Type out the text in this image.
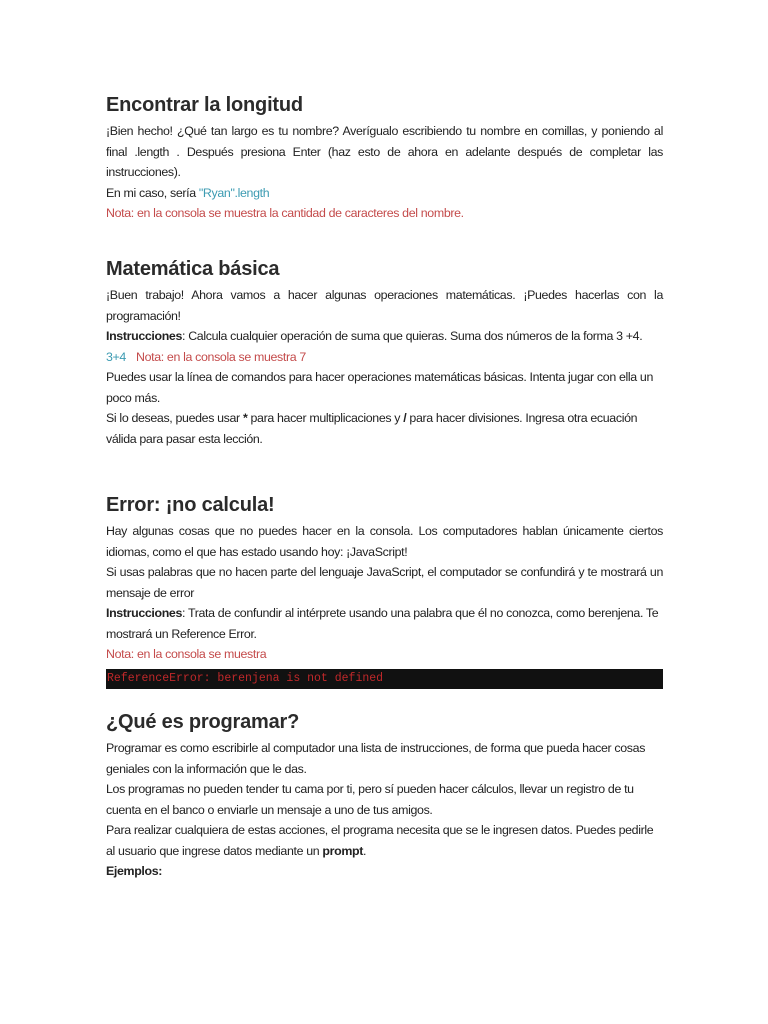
Encontrar la longitud

¡Bien hecho! ¿Qué tan largo es tu nombre? Averígualo escribiendo tu nombre en comillas, y poniendo al final .length . Después presiona Enter (haz esto de ahora en adelante después de completar las instrucciones).

En mi caso, sería "Ryan".length

Nota: en la consola se muestra la cantidad de caracteres del nombre.

Matemática básica

¡Buen trabajo! Ahora vamos a hacer algunas operaciones matemáticas. ¡Puedes hacerlas con la programación!

Instrucciones: Calcula cualquier operación de suma que quieras. Suma dos números de la forma 3 +4.

3+4 Nota: en la consola se muestra 7

Puedes usar la línea de comandos para hacer operaciones matemáticas básicas. Intenta jugar con ella un poco más.

Si lo deseas, puedes usar * para hacer multiplicaciones y / para hacer divisiones. Ingresa otra ecuación válida para pasar esta lección.

Error: ¡no calcula!

Hay algunas cosas que no puedes hacer en la consola. Los computadores hablan únicamente ciertos idiomas, como el que has estado usando hoy: ¡JavaScript!

Si usas palabras que no hacen parte del lenguaje JavaScript, el computador se confundirá y te mostrará un mensaje de error

Instrucciones: Trata de confundir al intérprete usando una palabra que él no conozca, como berenjena. Te mostrará un Reference Error.

Nota: en la consola se muestra

ReferenceError: berenjena is not defined
¿Qué es programar?

Programar es como escribirle al computador una lista de instrucciones, de forma que pueda hacer cosas geniales con la información que le das.

Los programas no pueden tender tu cama por ti, pero sí pueden hacer cálculos, llevar un registro de tu cuenta en el banco o enviarle un mensaje a uno de tus amigos.

Para realizar cualquiera de estas acciones, el programa necesita que se le ingresen datos. Puedes pedirle al usuario que ingrese datos mediante un prompt.

Ejemplos:
